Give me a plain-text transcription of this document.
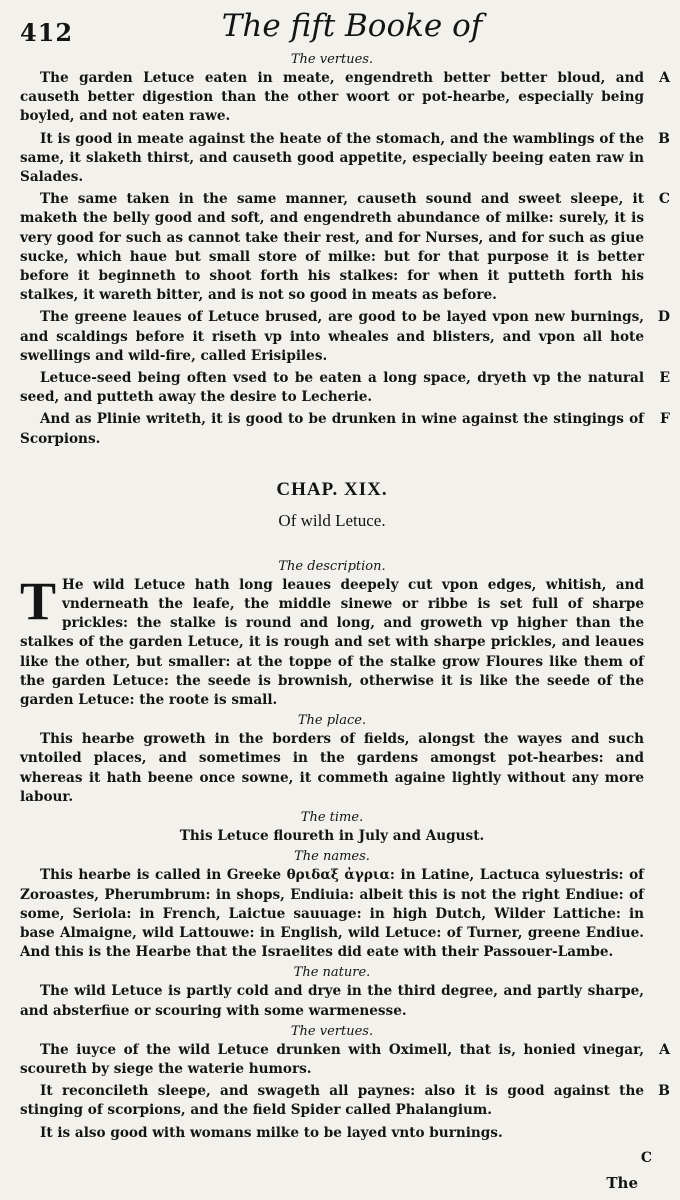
412	The fift Booke of
The vertues.

The garden Letuce eaten in meate, engendreth better better bloud, and causeth better digestion than the other woort or pot-hearbe, especially being boyled, and not eaten rawe.
A

It is good in meate against the heate of the stomach, and the wamblings of the same, it slaketh thirst, and causeth good appetite, especially beeing eaten raw in Salades.
B

The same taken in the same manner, causeth sound and sweet sleepe, it maketh the belly good and soft, and engendreth abundance of milke: surely, it is very good for such as cannot take their rest, and for Nurses, and for such as giue sucke, which haue but small store of milke: but for that purpose it is better before it beginneth to shoot forth his stalkes: for when it putteth forth his stalkes, it wareth bitter, and is not so good in meats as before.
C

The greene leaues of Letuce brused, are good to be layed vpon new burnings, and scaldings before it riseth vp into wheales and blisters, and vpon all hote swellings and wild-fire, called Erisipiles.
D

Letuce-seed being often vsed to be eaten a long space, dryeth vp the natural seed, and putteth away the desire to Lecherie.
E

And as Plinie writeth, it is good to be drunken in wine against the stingings of Scorpions.
F

CHAP. XIX.
Of wild Letuce.
The description.

T He wild Letuce hath long leaues deepely cut vpon edges, whitish, and vnderneath the leafe, the middle sinewe or ribbe is set full of sharpe prickles: the stalke is round and long, and groweth vp higher than the stalkes of the garden Letuce, it is rough and set with sharpe prickles, and leaues like the other, but smaller: at the toppe of the stalke grow Floures like them of the garden Letuce: the seede is brownish, otherwise it is like the seede of the garden Letuce: the roote is small.

The place.

This hearbe groweth in the borders of fields, alongst the wayes and such vntoiled places, and sometimes in the gardens amongst pot-hearbes: and whereas it hath beene once sowne, it commeth againe lightly without any more labour.

The time.

This Letuce floureth in July and August.

The names.

This hearbe is called in Greeke θριδαξ ἀγρια: in Latine, Lactuca syluestris: of Zoroastes, Pherumbrum: in shops, Endiuia: albeit this is not the right Endiue: of some, Seriola: in French, Laictue sauuage: in high Dutch, Wilder Lattiche: in base Almaigne, wild Lattouwe: in English, wild Letuce: of Turner, greene Endiue. And this is the Hearbe that the Israelites did eate with their Passouer-Lambe.

The nature.

The wild Letuce is partly cold and drye in the third degree, and partly sharpe, and absterfiue or scouring with some warmenesse.

The vertues.

The iuyce of the wild Letuce drunken with Oximell, that is, honied vinegar, scoureth by siege the waterie humors.
A

It reconcileth sleepe, and swageth all paynes: also it is good against the stinging of scorpions, and the field Spider called Phalangium.
B

It is also good with womans milke to be layed vnto burnings.

C
The
